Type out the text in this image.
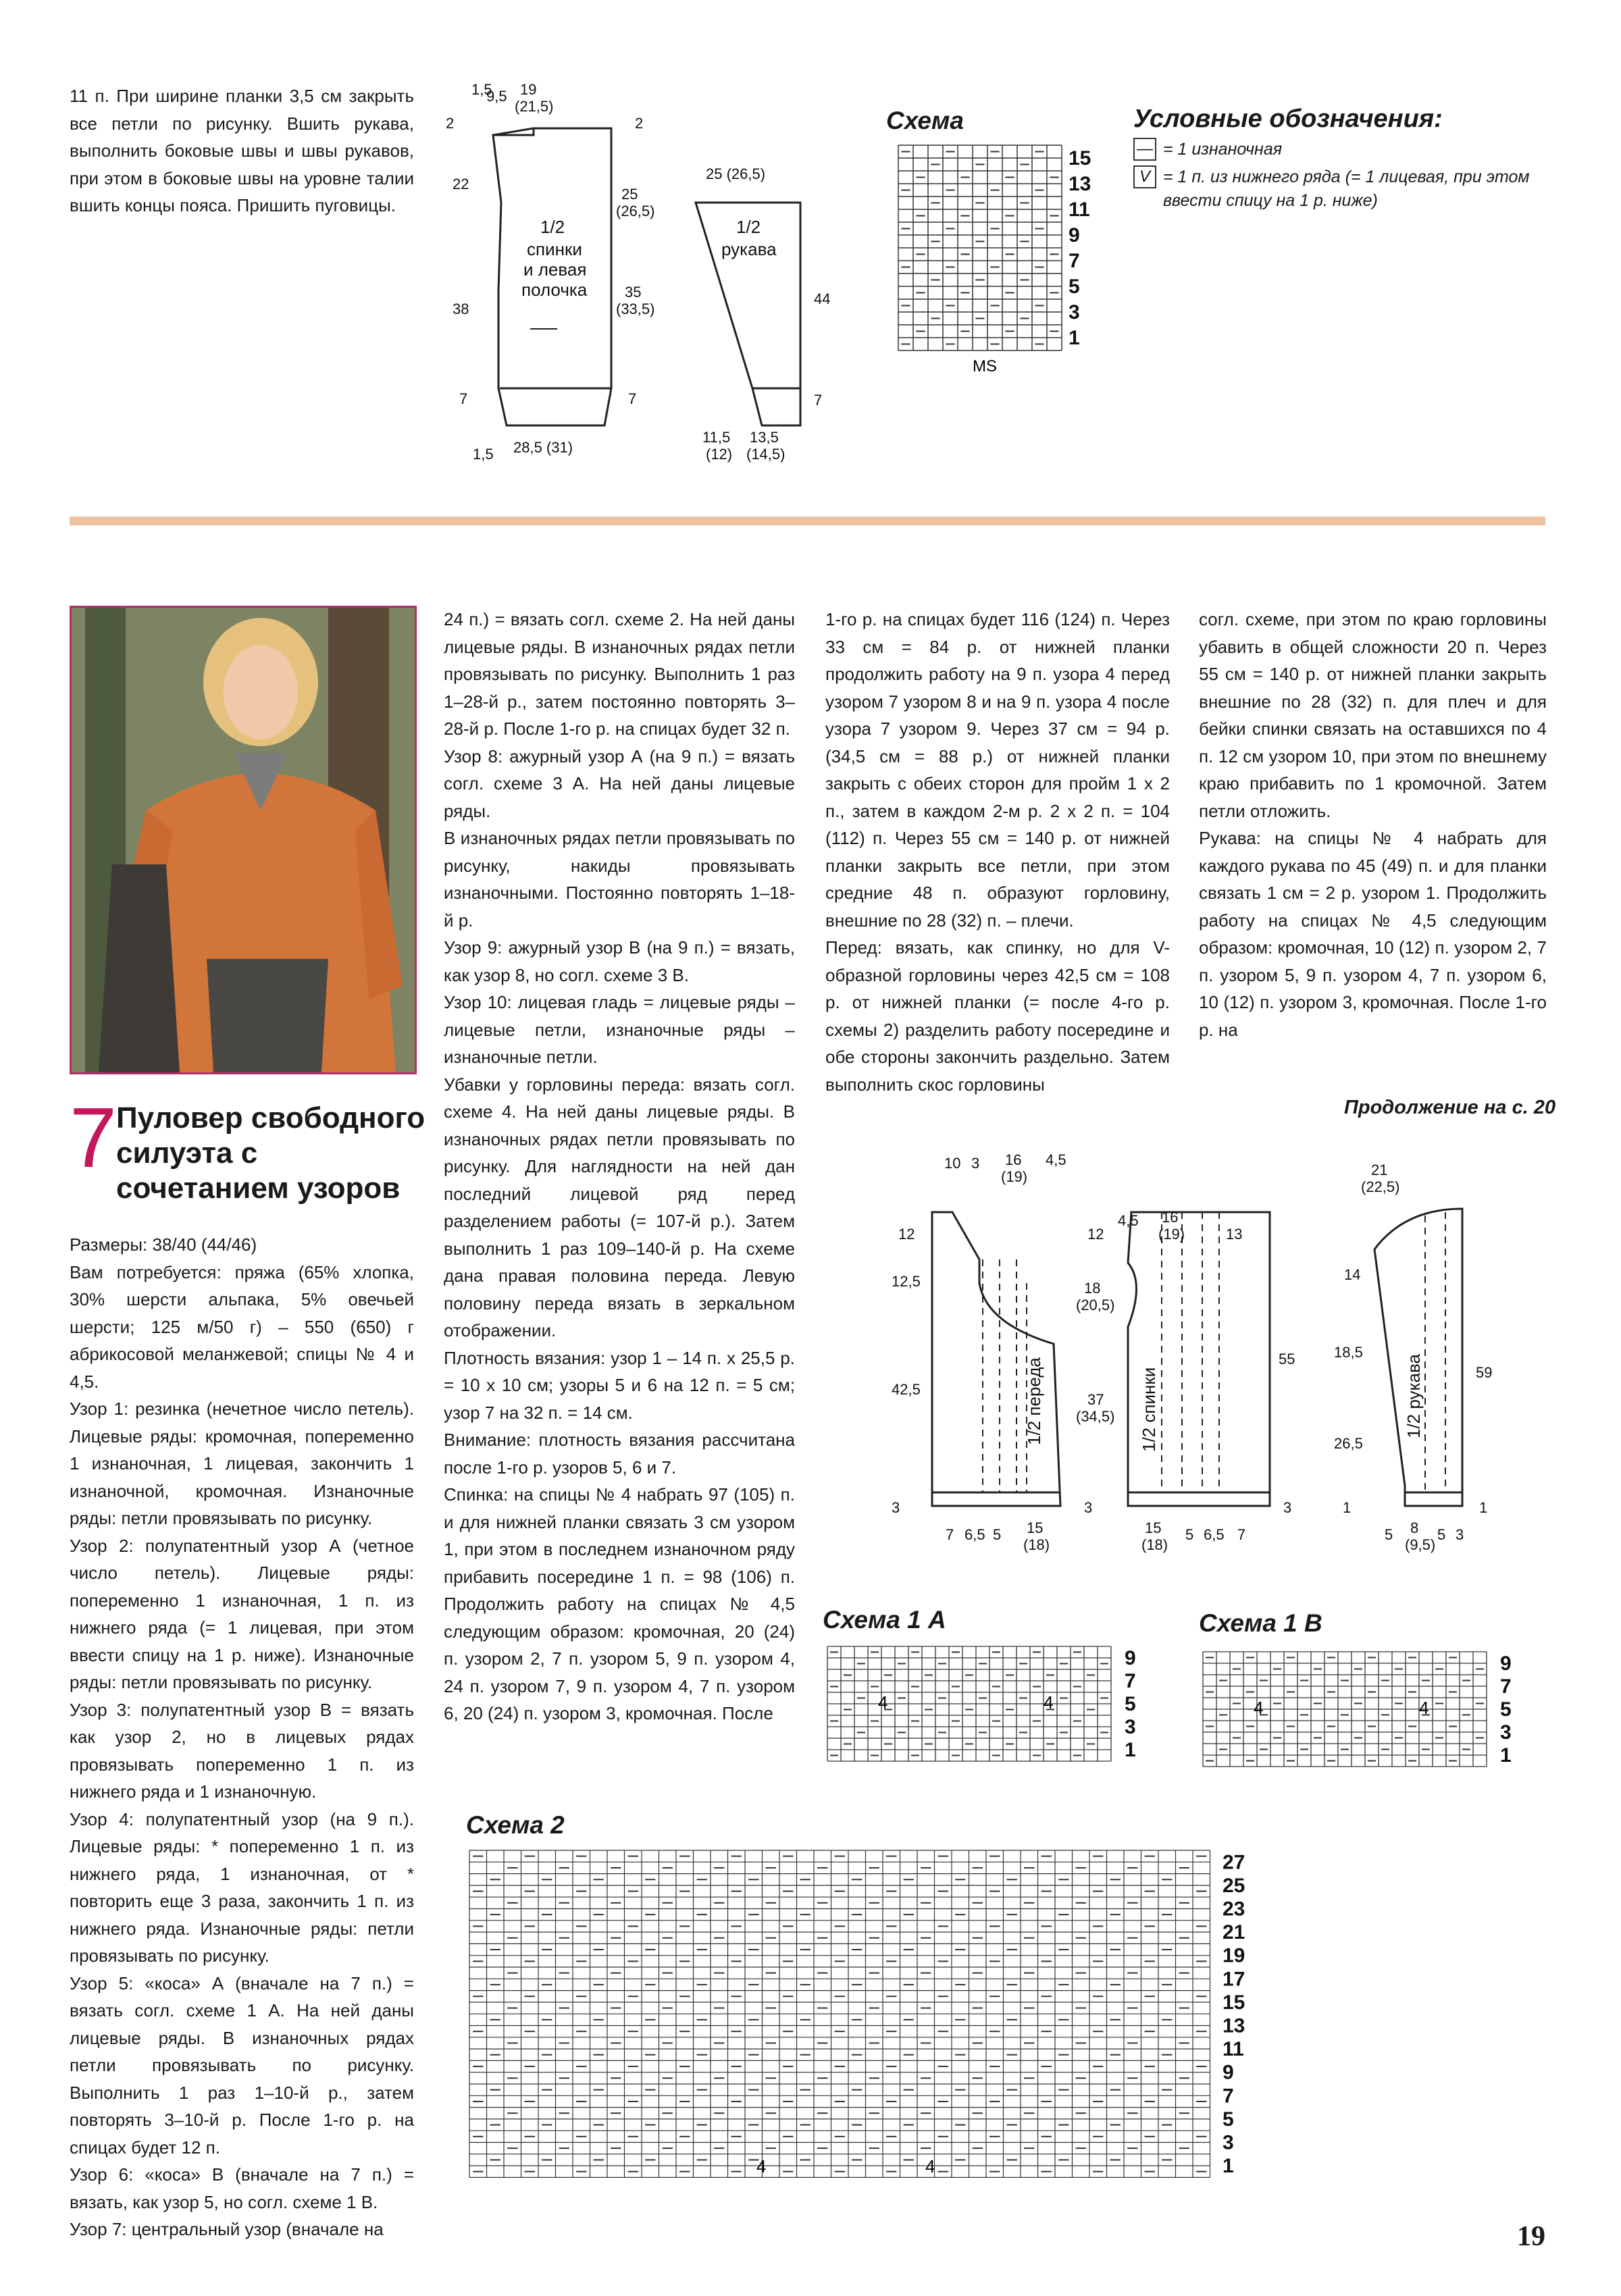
11 п. При ширине планки 3,5 см закрыть все петли по рисунку. Вшить рукава, выполнить боковые швы и швы рукавов, при этом в боковые швы на уровне талии вшить концы пояса. Пришить пуговицы.
1,5
9,5 19
(21,5)
2	2
22
25
(26,5)
1/2
спинки
и левая
полочка	35
(33,5)
38
7	7
1,5 28,5 (31)
25 (26,5)
1/2
рукава
44
7
11,5
(12)
13,5
(14,5)
Схема
15
13
11
9
7
5
3
1
MS
Условные обозначения:
— = 1 изнаночная
V = 1 п. из нижнего ряда (= 1 лицевая, при этом ввести спицу на 1 р. ниже)
7
Пуловер свободного силуэта с сочетанием узоров
Размеры: 38/40 (44/46)
Вам потребуется: пряжа (65% хлопка, 30% шерсти альпака, 5% овечьей шерсти; 125 м/50 г) – 550 (650) г абрикосовой меланжевой; спицы № 4 и 4,5.
Узор 1: резинка (нечетное число петель). Лицевые ряды: кромочная, попеременно 1 изнаночная, 1 лицевая, закончить 1 изнаночной, кромочная. Изнаночные ряды: петли провязывать по рисунку.
Узор 2: полупатентный узор А (четное число петель). Лицевые ряды: попеременно 1 изнаночная, 1 п. из нижнего ряда (= 1 лицевая, при этом ввести спицу на 1 р. ниже). Изнаночные ряды: петли провязывать по рисунку.
Узор 3: полупатентный узор В = вязать как узор 2, но в лицевых рядах провязывать попеременно 1 п. из нижнего ряда и 1 изнаночную.
Узор 4: полупатентный узор (на 9 п.). Лицевые ряды: * попеременно 1 п. из нижнего ряда, 1 изнаночная, от * повторить еще 3 раза, закончить 1 п. из нижнего ряда. Изнаночные ряды: петли провязывать по рисунку.
Узор 5: «коса» А (вначале на 7 п.) = вязать согл. схеме 1 А. На ней даны лицевые ряды. В изнаночных рядах петли провязывать по рисунку. Выполнить 1 раз 1–10-й р., затем повторять 3–10-й р. После 1-го р. на спицах будет 12 п.
Узор 6: «коса» В (вначале на 7 п.) = вязать, как узор 5, но согл. схеме 1 В.
Узор 7: центральный узор (вначале на
24 п.) = вязать согл. схеме 2. На ней даны лицевые ряды. В изнаночных рядах петли провязывать по рисунку. Выполнить 1 раз 1–28-й р., затем постоянно повторять 3–28-й р. После 1-го р. на спицах будет 32 п.
Узор 8: ажурный узор А (на 9 п.) = вязать согл. схеме 3 А. На ней даны лицевые ряды.
В изнаночных рядах петли провязывать по рисунку, накиды провязывать изнаночными. Постоянно повторять 1–18-й р.
Узор 9: ажурный узор В (на 9 п.) = вязать, как узор 8, но согл. схеме 3 В.
Узор 10: лицевая гладь = лицевые ряды – лицевые петли, изнаночные ряды – изнаночные петли.
Убавки у горловины переда: вязать согл. схеме 4. На ней даны лицевые ряды. В изнаночных рядах петли провязывать по рисунку. Для наглядности на ней дан последний лицевой ряд перед разделением работы (= 107-й р.). Затем выполнить 1 раз 109–140-й р. На схеме дана правая половина переда. Левую половину переда вязать в зеркальном отображении.
Плотность вязания: узор 1 – 14 п. х 25,5 р. = 10 х 10 см; узоры 5 и 6 на 12 п. = 5 см; узор 7 на 32 п. = 14 см.
Внимание: плотность вязания рассчитана после 1-го р. узоров 5, 6 и 7.
Спинка: на спицы № 4 набрать 97 (105) п. и для нижней планки связать 3 см узором 1, при этом в последнем изнаночном ряду прибавить посередине 1 п. = 98 (106) п. Продолжить работу на спицах № 4,5 следующим образом: кромочная, 20 (24) п. узором 2, 7 п. узором 5, 9 п. узором 4, 24 п. узором 7, 9 п. узором 4, 7 п. узором 6, 20 (24) п. узором 3, кромочная. После
1-го р. на спицах будет 116 (124) п. Через 33 см = 84 р. от нижней планки продолжить работу на 9 п. узора 4 перед узором 7 узором 8 и на 9 п. узора 4 после узора 7 узором 9. Через 37 см = 94 р. (34,5 см = 88 р.) от нижней планки закрыть с обеих сторон для пройм 1 х 2 п., затем в каждом 2-м р. 2 х 2 п. = 104 (112) п. Через 55 см = 140 р. от нижней планки закрыть все петли, при этом средние 48 п. образуют горловину, внешние по 28 (32) п. – плечи.
Перед: вязать, как спинку, но для V-образной горловины через 42,5 см = 108 р. от нижней планки (= после 4-го р. схемы 2) разделить работу посередине и обе стороны закончить раздельно. Затем выполнить скос горловины
согл. схеме, при этом по краю горловины убавить в общей сложности 20 п. Через 55 см = 140 р. от нижней планки закрыть внешние по 28 (32) п. для плеч и для бейки спинки связать на оставшихся по 4 п. 12 см узором 10, при этом по внешнему краю прибавить по 1 кромочной. Затем петли отложить.
Рукава: на спицы № 4 набрать для каждого рукава по 45 (49) п. и для планки связать 1 см = 2 р. узором 1. Продолжить работу на спицах № 4,5 следующим образом: кромочная, 10 (12) п. узором 2, 7 п. узором 5, 9 п. узором 4, 7 п. узором 6, 10 (12) п. узором 3, кромочная. После 1-го р. на
Продолжение на с. 20
10 3 16
(19)
4,5
12
12,5
42,5	1/2 переда
3
7 6,5 5 15
(18)
12
4,5 16
(19)	13
18
(20,5)
37
(34,5) 1/2 спинки
55
3	3
15
(18)
5 6,5 7
21
(22,5)
14
18,5
26,5
1/2 рукава	59
1	1
5 8
(9,5)
5 3
Схема 1 А
9
7
5
3
1
4	4
Схема 1 В
9
7
5
3
1
4	4
Схема 2
27
25
23
21
19
17
15
13
11
9
7
5
3
1
4	4
19
